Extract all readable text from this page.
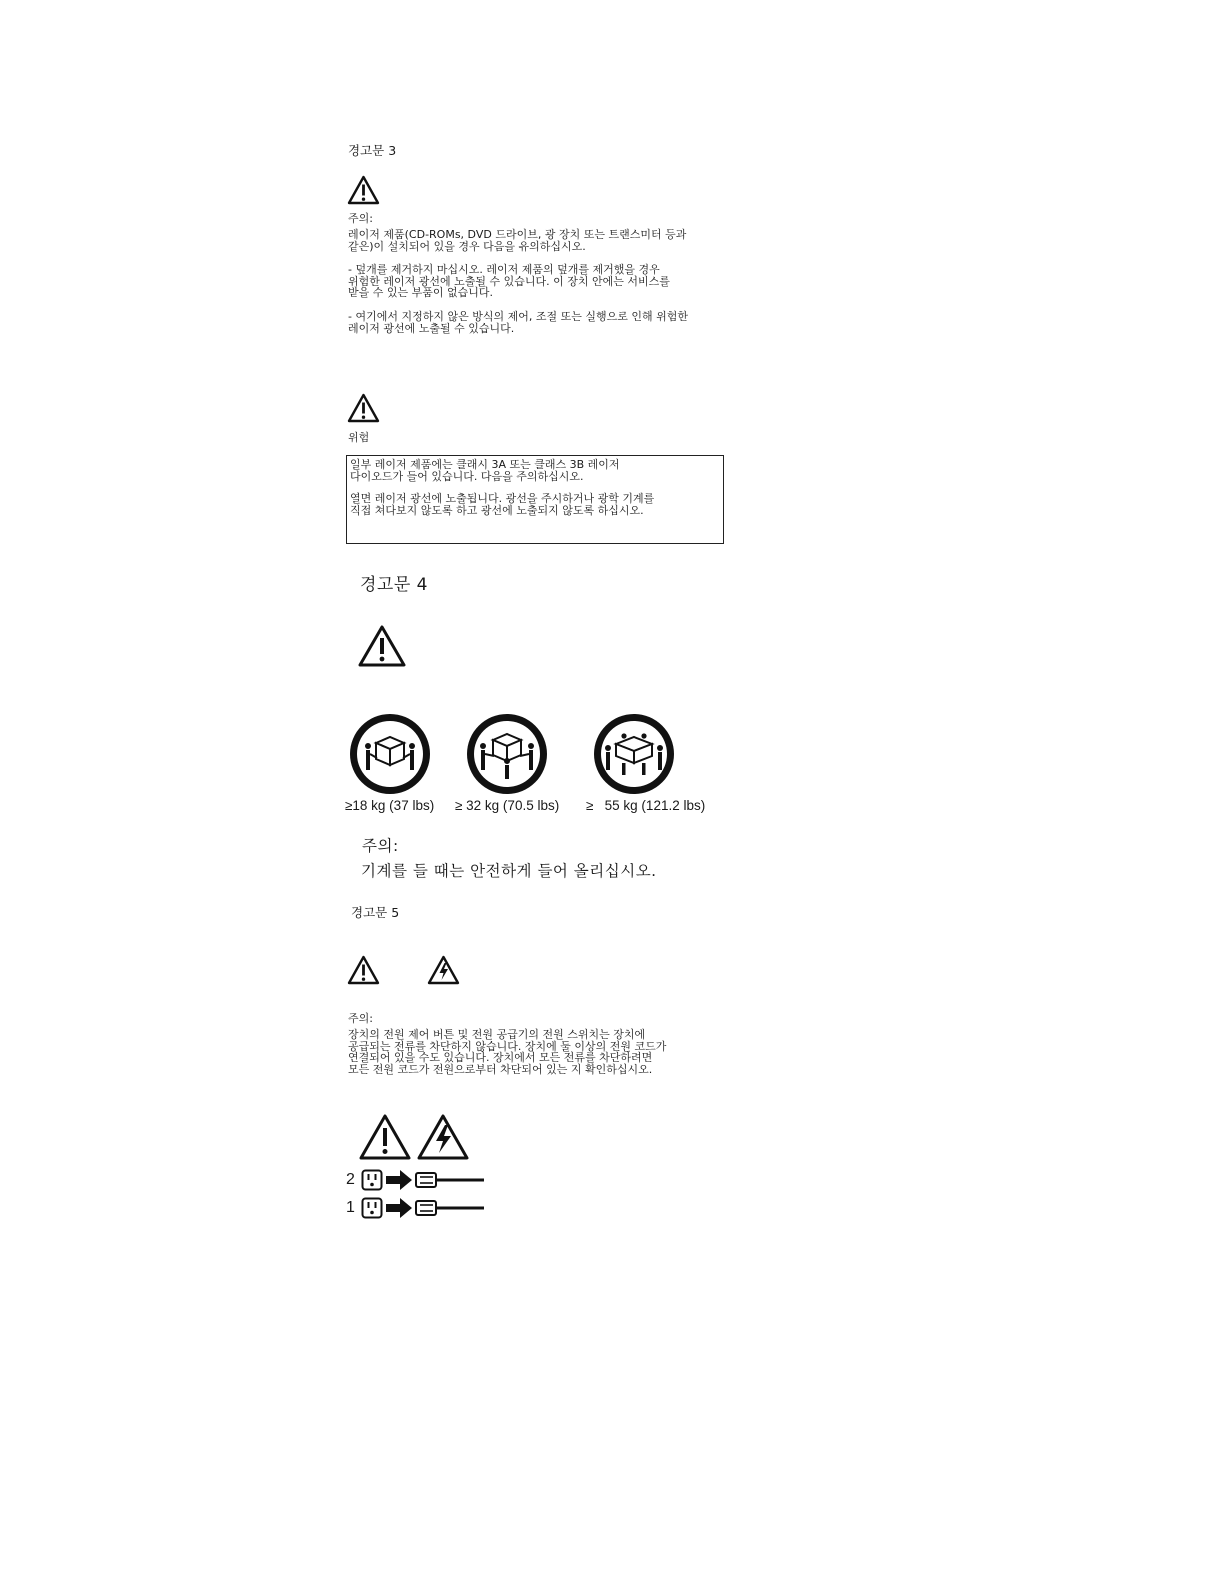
경고문 3
주의:
레이저 제품(CD-ROMs, DVD 드라이브, 광 장치 또는 트랜스미터 등과
같은)이 설치되어 있을 경우 다음을 유의하십시오.
- 덮개를 제거하지 마십시오. 레이저 제품의 덮개를 제거했을 경우
위험한 레이저 광선에 노출될 수 있습니다. 이 장치 안에는 서비스를
받을 수 있는 부품이 없습니다.
- 여기에서 지정하지 않은 방식의 제어, 조절 또는 실행으로 인해 위험한
레이저 광선에 노출될 수 있습니다.
위험
일부 레이저 제품에는 클래시 3A 또는 클래스 3B 레이저
다이오드가 들어 있습니다. 다음을 주의하십시오.
열면 레이저 광선에 노출됩니다. 광선을 주시하거나 광학 기계를
직접 쳐다보지 않도록 하고 광선에 노출되지 않도록 하십시오.
경고문 4
≥18 kg (37 lbs) ≥ 32 kg (70.5 lbs) ≥   55 kg (121.2 lbs)
주의:
기계를 들 때는 안전하게 들어 올리십시오.
경고문 5
주의:
장치의 전원 제어 버튼 및 전원 공급기의 전원 스위치는 장치에
공급되는 전류를 차단하지 않습니다. 장치에 둘 이상의 전원 코드가
연결되어 있을 수도 있습니다. 장치에서 모든 전류를 차단하려면
모든 전원 코드가 전원으로부터 차단되어 있는 지 확인하십시오.
2
1
